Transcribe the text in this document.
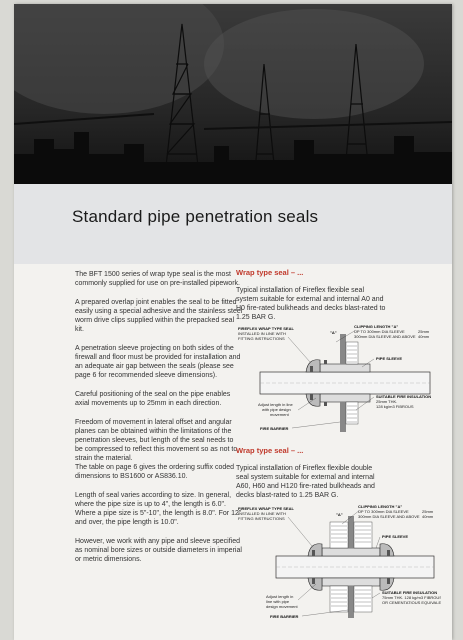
Standard pipe penetration seals

The BFT 1500 series of wrap type seal is the most commonly supplied for use on pre-installed pipework.

A prepared overlap joint enables the seal to be fitted easily using a special adhesive and the stainless steel worm drive clips supplied within the prepacked seal kit.

A penetration sleeve projecting on both sides of the firewall and floor must be provided for installation and an adequate air gap between the seals (please see page 6 for recommended sleeve dimensions).

Careful positioning of the seal on the pipe enables axial movements up to 25mm in each direction.

Freedom of movement in lateral offset and angular planes can be obtained within the limitations of the penetration sleeves, but length of the seal needs to be compressed to reflect this movement so as not to strain the material.

The table on page 6 gives the ordering suffix coded dimensions to BS1600 or AS836.10.

Length of seal varies according to size. In general, where the pipe size is up to 4", the length is 6.0". Where a pipe size is 5"-10", the length is 8.0". For 12" and over, the pipe length is 10.0".

However, we work with any pipe and sleeve specified as nominal bore sizes or outside diameters in imperial or metric dimensions.

Wrap type seal – ...

Typical installation of Fireflex flexible seal system suitable for external and internal A0 and H0 fire-rated bulkheads and decks blast-rated to 1.25 BAR G.

FIREFLEX WRAP TYPE SEAL
INSTALLED IN LINE WITH
FITTING INSTRUCTIONS
"A"
CLIPPING LENGTH "A"
UP TO 300mm DIA SLEEVE	25mm
300mm DIA SLEEVE AND ABOVE 40mm
PIPE SLEEVE
SUITABLE FIRE INSULATION
25mm THK.
128 kg/m3 FIBROUS
Adjust length in line
with pipe design
movement
FIRE BARRIER
Wrap type seal – ...

Typical installation of Fireflex flexible double seal system suitable for external and internal A60, H60 and H120 fire-rated bulkheads and decks blast-rated to 1.25 BAR G.

FIREFLEX WRAP TYPE SEAL
INSTALLED IN LINE WITH
FITTING INSTRUCTIONS
"A"
CLIPPING LENGTH "A"
UP TO 300mm DIA SLEEVE	25mm
300mm DIA SLEEVE AND ABOVE 40mm
PIPE SLEEVE
SUITABLE FIRE INSULATION
75mm THK. 128 kg/m3 FIBROUS
OR CEMENTATIOUS EQUIVALENT
Adjust length in
line with pipe
design movement
FIRE BARRIER
